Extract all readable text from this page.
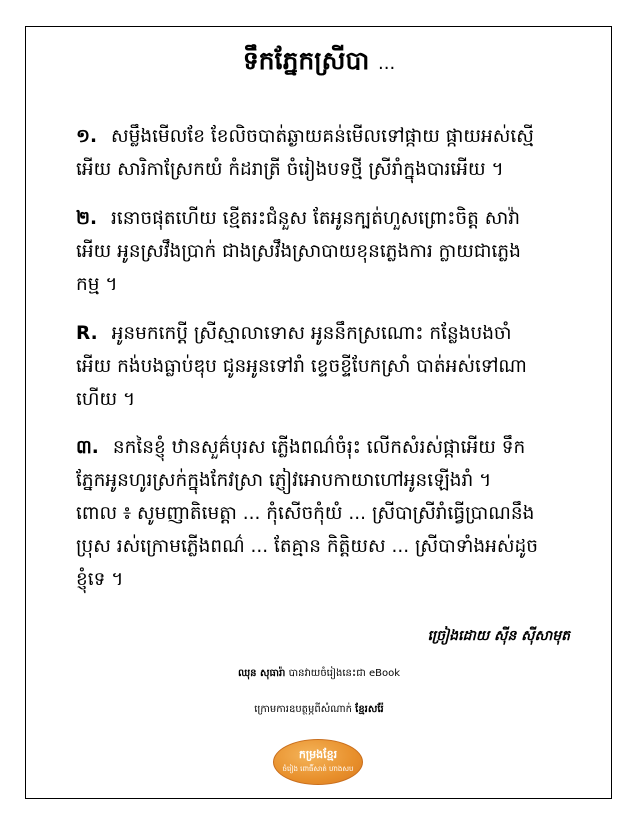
ទឹកភ្នែកស្រីបា ...
១. សម្លឹងមើលខែ ខែលិចបាត់ឆ្ងាយគន់មើលទៅផ្កាយ ផ្កាយអស់ស្មើ
អើយ សារិកាស្រែកយំ កំដរាត្រី ចំរៀងបទថ្មី ស្រីរាំក្នុងបារអើយ ។
២. រនោចផុតហើយ ខ្មើតរះជំនួស តែអូនក្បត់ហួសព្រោះចិត្ត សាវ៉ា
អើយ អូនស្រវឹងប្រាក់ ជាងស្រវឹងស្រាបាយខុនភ្លេងការ ក្លាយជាភ្លេង
កម្ម ។
R. អូនមកកេប្តី ស្រីស្មាលាទោស អូននឹកស្រណោះ កន្លែងបងចាំ
អើយ កង់បងធ្លាប់ឌុប ជូនអូនទៅរាំ ខ្ទេចខ្ទីបែកស្រាំ បាត់អស់ទៅណា
ហើយ ។
៣. នកនៃខ្ញុំ ឋានសួគ៌បុរស ភ្លើងពណ៌ចំរុះ លើកសំរស់ផ្កាអើយ ទឹក
ភ្នែកអូនហូរស្រក់ក្នុងកែវស្រា ភ្ញៀវអោបកាយាហៅអូនឡើងរាំ ។
ពោល ៖ សូមញាតិមេត្តា ... កុំសើចកុំយំ ... ស្រីបាស្រីរាំធ្វើប្រាណនឹង
ប្រុស រស់ក្រោមភ្លើងពណ៌ ... តែគ្មាន កិត្តិយស ... ស្រីបាទាំងអស់ដូច
ខ្ញុំទេ ។
ច្រៀងដោយ ស៊ីន ស៊ីសាមុត
ឈុន សុធារ៉ា បានវាយចំរៀងនេះជា eBook
ក្រោមការឧបត្ថម្ភពីសំណាក់ ខ្មែរសរ៉ែ
កម្រងខ្មែរ
ចំរៀង ពោធិ៍សាត់ ហាងសប
